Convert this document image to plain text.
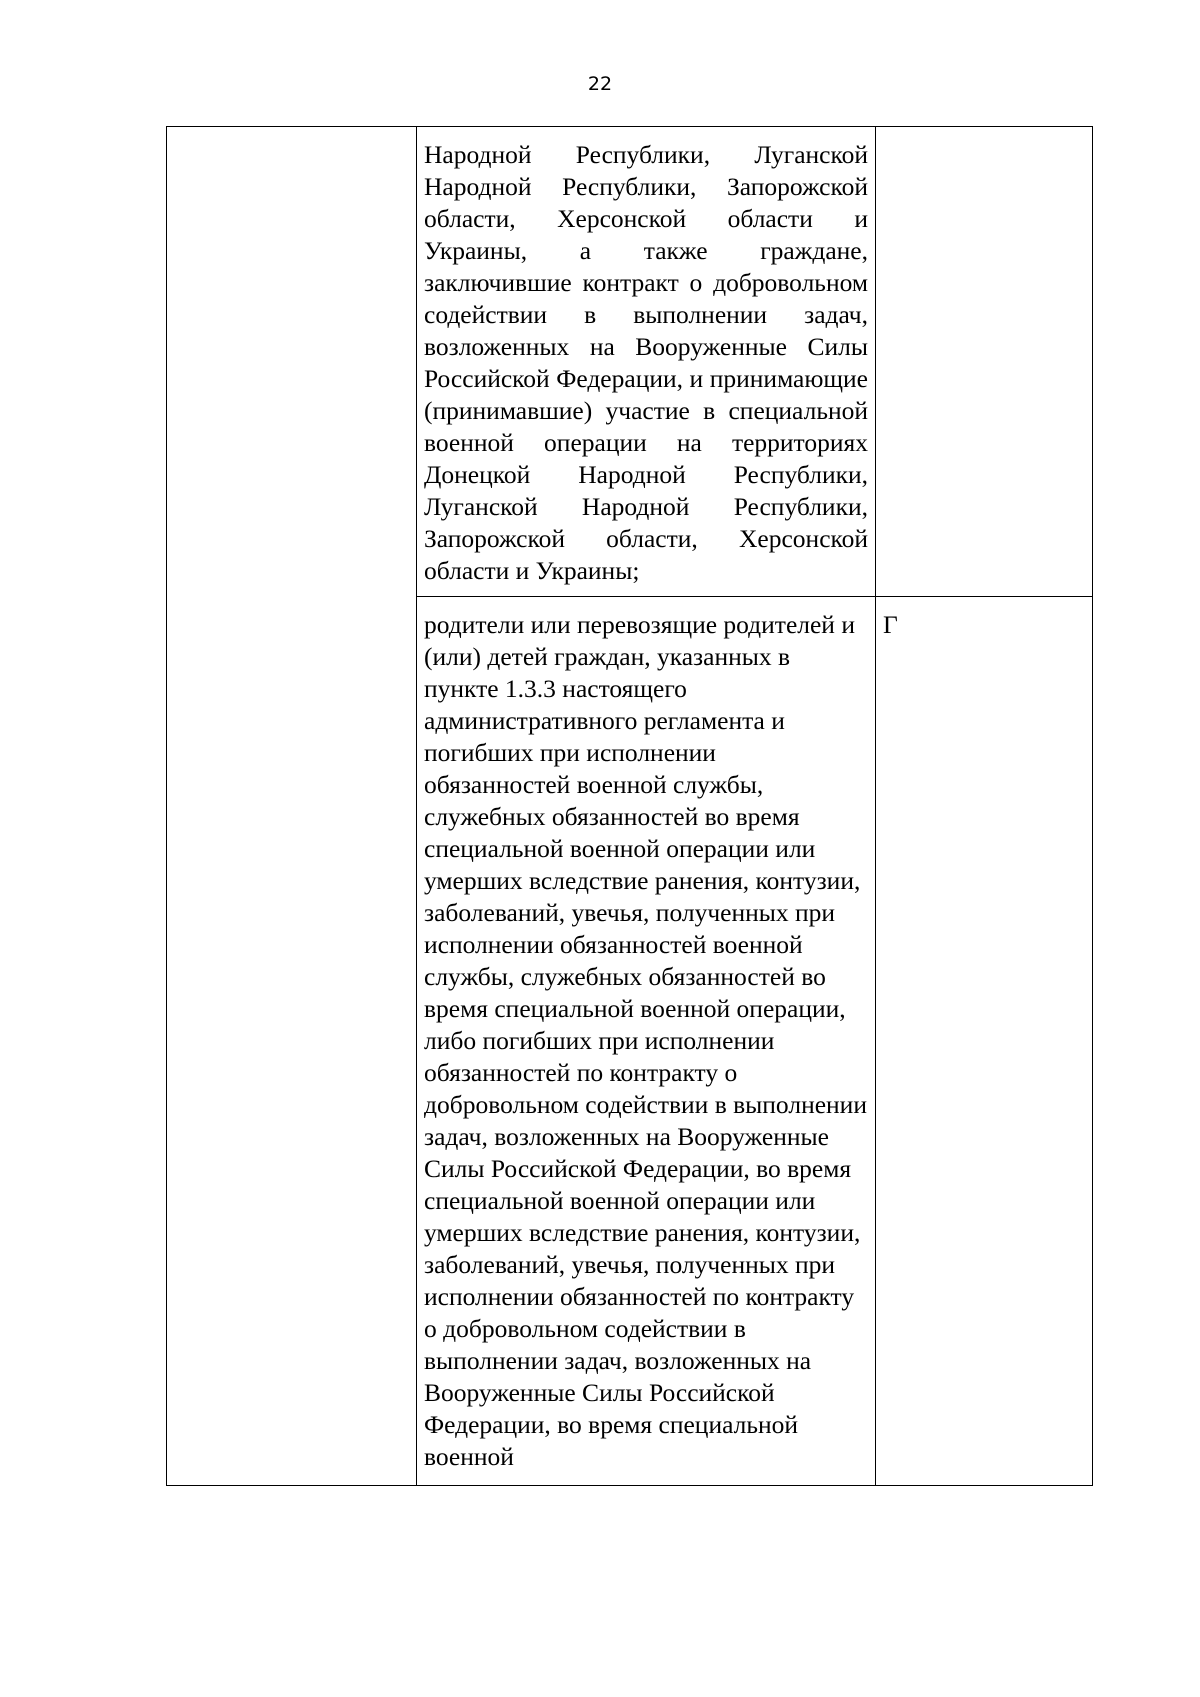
22

	Народной Республики, Луганской Народной Республики, Запорожской области, Херсонской области и Украины, а также граждане, заключившие контракт о добровольном содействии в выполнении задач, возложенных на Вооруженные Силы Российской Федерации, и принимающие (принимавшие) участие в специальной военной операции на территориях Донецкой Народной Республики, Луганской Народной Республики, Запорожской области, Херсонской области и Украины;	

	родители или перевозящие родителей и (или) детей граждан, указанных в пункте 1.3.3 настоящего административного регламента и погибших при исполнении обязанностей военной службы, служебных обязанностей во время специальной военной операции или умерших вследствие ранения, контузии, заболеваний, увечья, полученных при исполнении обязанностей военной службы, служебных обязанностей во время специальной военной операции, либо погибших при исполнении обязанностей по контракту о добровольном содействии в выполнении задач, возложенных на Вооруженные Силы Российской Федерации, во время специальной военной операции или умерших вследствие ранения, контузии, заболеваний, увечья, полученных при исполнении обязанностей по контракту о добровольном содействии в выполнении задач, возложенных на Вооруженные Силы Российской Федерации, во время специальной военной	Г
